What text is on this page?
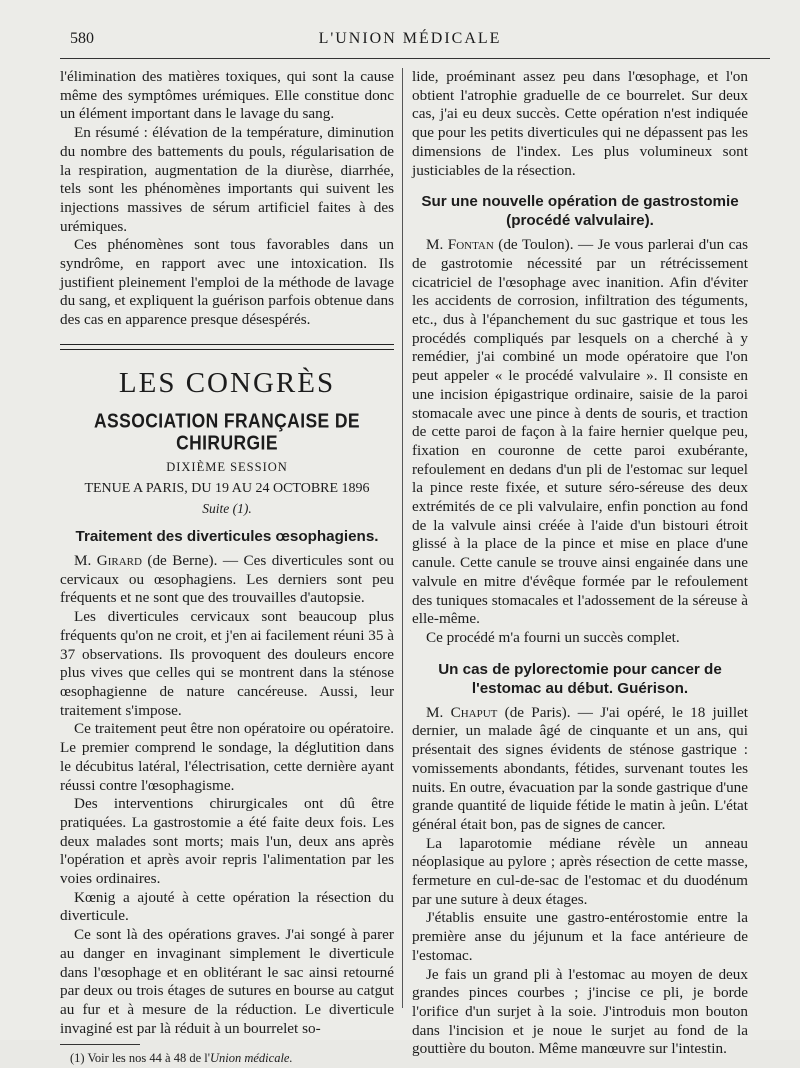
580	L'UNION MÉDICALE

l'élimination des matières toxiques, qui sont la cause même des symptômes urémiques. Elle constitue donc un élément important dans le lavage du sang.

En résumé : élévation de la température, diminution du nombre des battements du pouls, régularisation de la respiration, augmentation de la diurèse, diarrhée, tels sont les phénomènes importants qui suivent les injections massives de sérum artificiel faites à des urémiques.

Ces phénomènes sont tous favorables dans un syndrôme, en rapport avec une intoxication. Ils justifient pleinement l'emploi de la méthode de lavage du sang, et expliquent la guérison parfois obtenue dans des cas en apparence presque désespérés.

LES CONGRÈS
ASSOCIATION FRANÇAISE DE CHIRURGIE
DIXIÈME SESSION
TENUE A PARIS, DU 19 AU 24 OCTOBRE 1896
Suite (1).
Traitement des diverticules œsophagiens.

M. Girard (de Berne). — Ces diverticules sont ou cervicaux ou œsophagiens. Les derniers sont peu fréquents et ne sont que des trouvailles d'autopsie.

Les diverticules cervicaux sont beaucoup plus fréquents qu'on ne croit, et j'en ai facilement réuni 35 à 37 observations. Ils provoquent des douleurs encore plus vives que celles qui se montrent dans la sténose œsophagienne de nature cancéreuse. Aussi, leur traitement s'impose.

Ce traitement peut être non opératoire ou opératoire. Le premier comprend le sondage, la déglutition dans le décubitus latéral, l'électrisation, cette dernière ayant réussi contre l'œsophagisme.

Des interventions chirurgicales ont dû être pratiquées. La gastrostomie a été faite deux fois. Les deux malades sont morts; mais l'un, deux ans après l'opération et après avoir repris l'alimentation par les voies ordinaires.

Kœnig a ajouté à cette opération la résection du diverticule.

Ce sont là des opérations graves. J'ai songé à parer au danger en invaginant simplement le diverticule dans l'œsophage et en oblitérant le sac ainsi retourné par deux ou trois étages de sutures en bourse au catgut au fur et à mesure de la réduction. Le diverticule invaginé est par là réduit à un bourrelet so-

(1) Voir les nos 44 à 48 de l'Union médicale.

lide, proéminant assez peu dans l'œsophage, et l'on obtient l'atrophie graduelle de ce bourrelet. Sur deux cas, j'ai eu deux succès. Cette opération n'est indiquée que pour les petits diverticules qui ne dépassent pas les dimensions de l'index. Les plus volumineux sont justiciables de la résection.

Sur une nouvelle opération de gastrostomie (procédé valvulaire).

M. Fontan (de Toulon). — Je vous parlerai d'un cas de gastrotomie nécessité par un rétrécissement cicatriciel de l'œsophage avec inanition. Afin d'éviter les accidents de corrosion, infiltration des téguments, etc., dus à l'épanchement du suc gastrique et tous les procédés compliqués par lesquels on a cherché à y remédier, j'ai combiné un mode opératoire que l'on peut appeler « le procédé valvulaire ». Il consiste en une incision épigastrique ordinaire, saisie de la paroi stomacale avec une pince à dents de souris, et traction de cette paroi de façon à la faire hernier quelque peu, fixation en couronne de cette paroi exubérante, refoulement en dedans d'un pli de l'estomac sur lequel la pince reste fixée, et suture séro-séreuse des deux extrémités de ce pli valvulaire, enfin ponction au fond de la valvule ainsi créée à l'aide d'un bistouri étroit glissé à la place de la pince et mise en place d'une canule. Cette canule se trouve ainsi engainée dans une valvule en mitre d'évêque formée par le refoulement des tuniques stomacales et l'adossement de la séreuse à elle-même.

Ce procédé m'a fourni un succès complet.

Un cas de pylorectomie pour cancer de l'estomac au début. Guérison.

M. Chaput (de Paris). — J'ai opéré, le 18 juillet dernier, un malade âgé de cinquante et un ans, qui présentait des signes évidents de sténose gastrique : vomissements abondants, fétides, survenant toutes les nuits. En outre, évacuation par la sonde gastrique d'une grande quantité de liquide fétide le matin à jeûn. L'état général était bon, pas de signes de cancer.

La laparotomie médiane révèle un anneau néoplasique au pylore ; après résection de cette masse, fermeture en cul-de-sac de l'estomac et du duodénum par une suture à deux étages.

J'établis ensuite une gastro-entérostomie entre la première anse du jéjunum et la face antérieure de l'estomac.

Je fais un grand pli à l'estomac au moyen de deux grandes pinces courbes ; j'incise ce pli, je borde l'orifice d'un surjet à la soie. J'introduis mon bouton dans l'incision et je noue le surjet au fond de la gouttière du bouton. Même manœuvre sur l'intestin.
